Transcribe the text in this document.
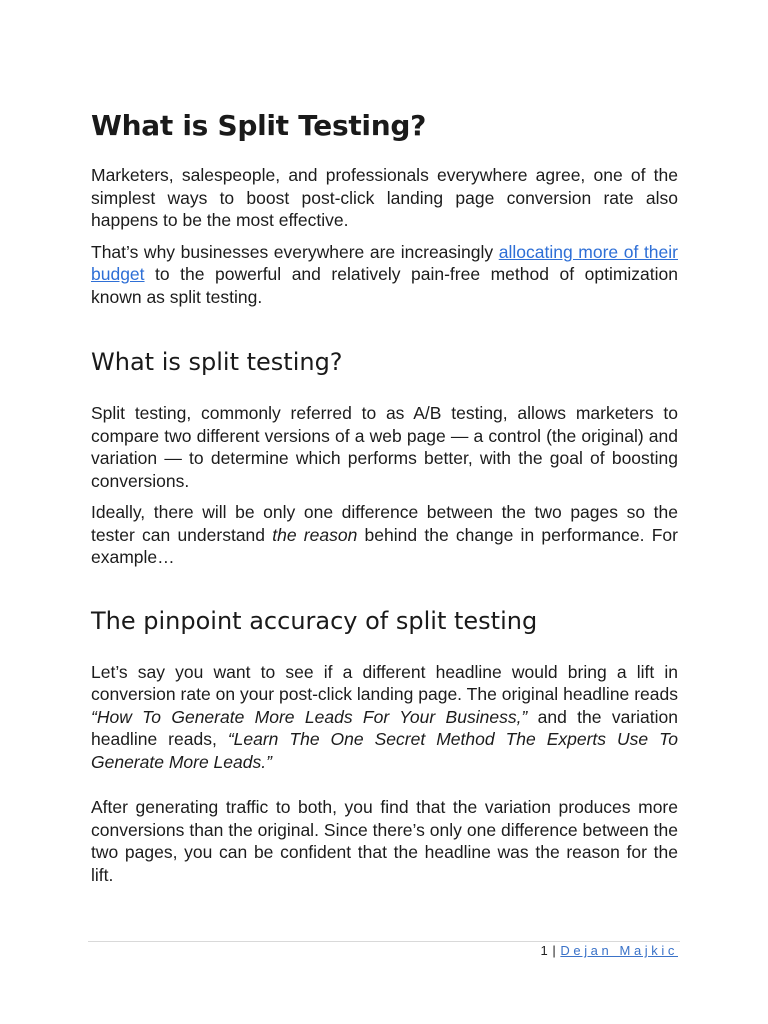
What is Split Testing?

Marketers, salespeople, and professionals everywhere agree, one of the simplest ways to boost post-click landing page conversion rate also happens to be the most effective.

That’s why businesses everywhere are increasingly allocating more of their budget to the powerful and relatively pain-free method of optimization known as split testing.

What is split testing?

Split testing, commonly referred to as A/B testing, allows marketers to compare two different versions of a web page — a control (the original) and variation — to determine which performs better, with the goal of boosting conversions.

Ideally, there will be only one difference between the two pages so the tester can understand the reason behind the change in performance. For example…

The pinpoint accuracy of split testing

Let’s say you want to see if a different headline would bring a lift in conversion rate on your post-click landing page. The original headline reads “How To Generate More Leads For Your Business,” and the variation headline reads, “Learn The One Secret Method The Experts Use To Generate More Leads.”

After generating traffic to both, you find that the variation produces more conversions than the original. Since there’s only one difference between the two pages, you can be confident that the headline was the reason for the lift.

1 | Dejan Majkic
